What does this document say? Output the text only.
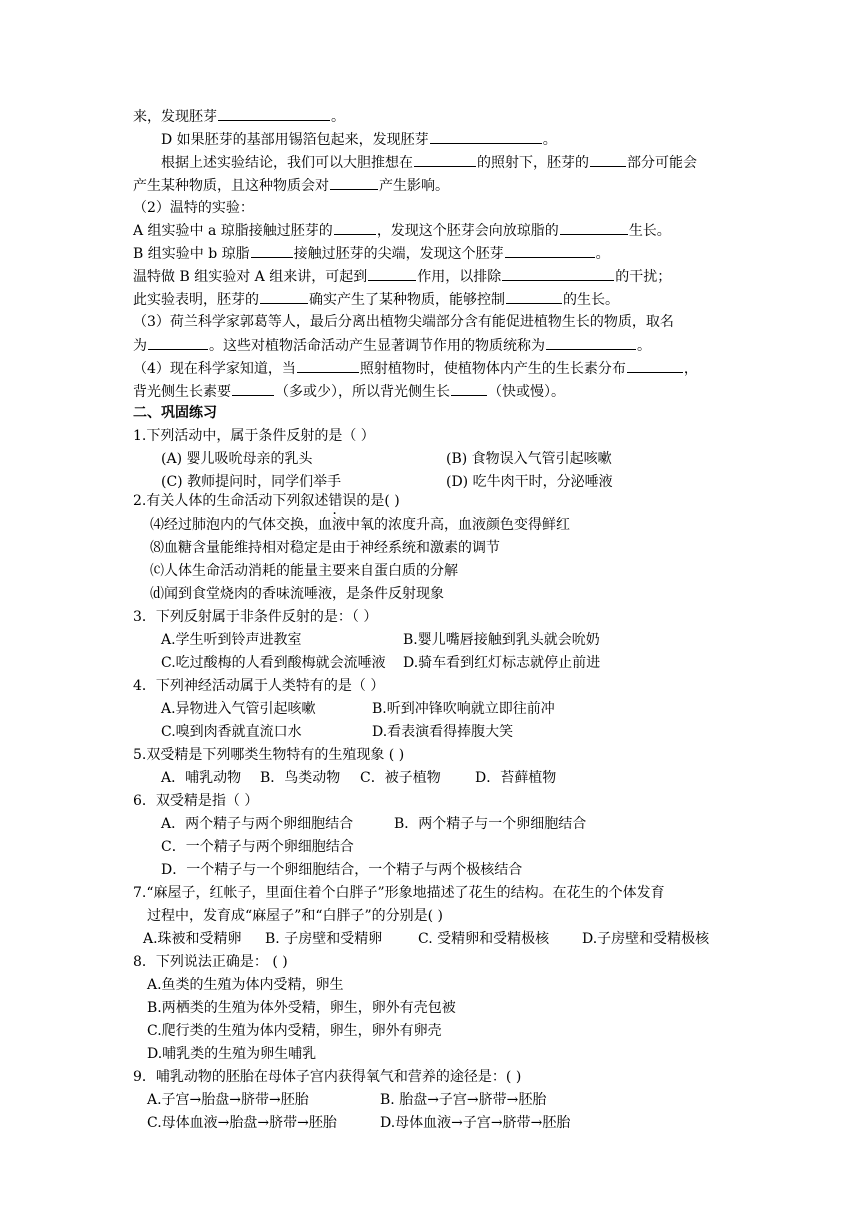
来，发现胚芽	。
D 如果胚芽的基部用锡箔包起来，发现胚芽	。
根据上述实验结论，我们可以大胆推想在	的照射下，胚芽的	部分可能会
产生某种物质，且这种物质会对	产生影响。
（2）温特的实验：
A 组实验中 a 琼脂接触过胚芽的	，发现这个胚芽会向放琼脂的	生长。
B 组实验中 b 琼脂	接触过胚芽的尖端，发现这个胚芽	。
温特做 B 组实验对 A 组来讲，可起到	作用，以排除	的干扰；
此实验表明，胚芽的	确实产生了某种物质，能够控制	的生长。
（3）荷兰科学家郭葛等人，最后分离出植物尖端部分含有能促进植物生长的物质，取名
为	。这些对植物活命活动产生显著调节作用的物质统称为	。
（4）现在科学家知道，当	照射植物时，使植物体内产生的生长素分布	，
背光侧生长素要	（多或少），所以背光侧生长	（快或慢）。
二、巩固练习
1.下列活动中，属于条件反射的是（ ）
(A) 婴儿吸吮母亲的乳头	(B) 食物误入气管引起咳嗽
(C) 教师提问时，同学们举手	(D) 吃牛肉干时，分泌唾液
2.有关人体的生命活动下列叙述错误的是( )
⑷经过肺泡内的气体交换，血液中氧的浓度升高，血液颜色变得鲜红
⑻血糖含量能维持相对稳定是由于神经系统和激素的调节
⒞人体生命活动消耗的能量主要来自蛋白质的分解
⒟闻到食堂烧肉的香味流唾液，是条件反射现象
3．下列反射属于非条件反射的是：（ ）
A.学生听到铃声进教室	B.婴儿嘴唇接触到乳头就会吮奶
C.吃过酸梅的人看到酸梅就会流唾液 D.骑车看到红灯标志就停止前进
4．下列神经活动属于人类特有的是（ ）
A.异物进入气管引起咳嗽	B.听到冲锋吹响就立即往前冲
C.嗅到肉香就直流口水	D.看表演看得捧腹大笑
5.双受精是下列哪类生物特有的生殖现象 ( )
A．哺乳动物 B．鸟类动物 C．被子植物 D．苔藓植物
6．双受精是指（ ）
A．两个精子与两个卵细胞结合	B．两个精子与一个卵细胞结合
C．一个精子与两个卵细胞结合
D．一个精子与一个卵细胞结合，一个精子与两个极核结合
7.“麻屋子，红帐子，里面住着个白胖子”形象地描述了花生的结构。在花生的个体发育
过程中，发育成“麻屋子”和“白胖子”的分别是( )
A.珠被和受精卵 B. 子房壁和受精卵	C. 受精卵和受精极核 D.子房壁和受精极核
8．下列说法正确是： ( )
A.鱼类的生殖为体内受精，卵生
B.两栖类的生殖为体外受精，卵生，卵外有壳包被
C.爬行类的生殖为体内受精，卵生，卵外有卵壳
D.哺乳类的生殖为卵生哺乳
9．哺乳动物的胚胎在母体子宫内获得氧气和营养的途径是：( )
A.子宫→胎盘→脐带→胚胎	B. 胎盘→子宫→脐带→胚胎
C.母体血液→胎盘→脐带→胚胎	D.母体血液→子宫→脐带→胚胎
